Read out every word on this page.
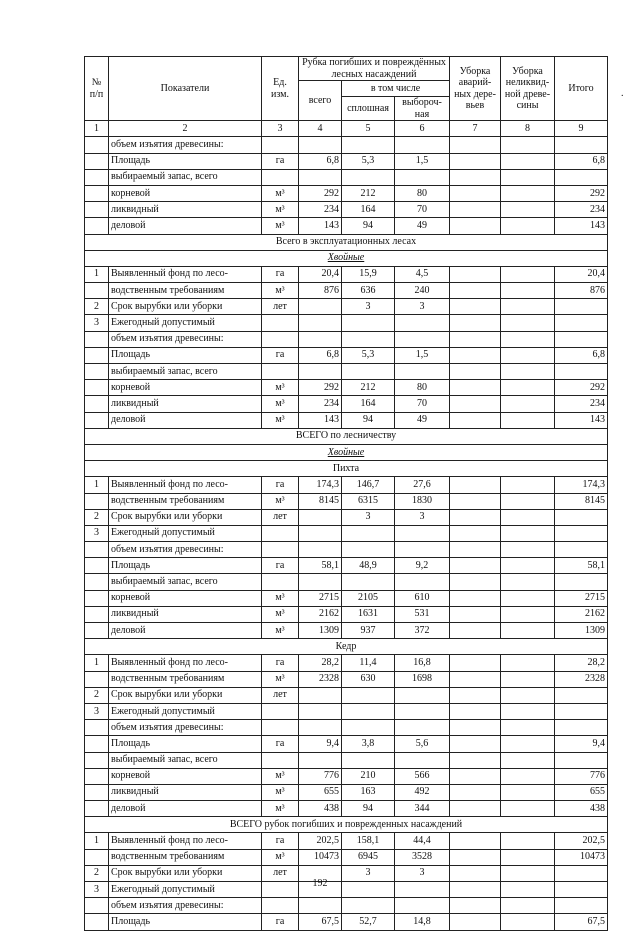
№ п/п	Показатели	Ед. изм.	Рубка погибших и повреждённых лесных насаждений			Уборка аварий-ных дере-вьев	Уборка неликвид-ной древе-сины	Итого
			всего	в том числе				
				сплошная	выбороч-ная			
1	2	3	4	5	6	7	8	9
	объем изъятия древесины:							
	Площадь	га	6,8	5,3	1,5			6,8
	выбираемый запас, всего							
	корневой	м³	292	212	80			292
	ликвидный	м³	234	164	70			234
	деловой	м³	143	94	49			143
Всего в эксплуатационных лесах								
Хвойные								
1	Выявленный фонд по лесо-	га	20,4	15,9	4,5			20,4
	водственным требованиям	м³	876	636	240			876
2	Срок вырубки или уборки	лет		3	3			
3	Ежегодный допустимый							
	объем изъятия древесины:							
	Площадь	га	6,8	5,3	1,5			6,8
	выбираемый запас, всего							
	корневой	м³	292	212	80			292
	ликвидный	м³	234	164	70			234
	деловой	м³	143	94	49			143
ВСЕГО по лесничеству								
Хвойные								
Пихта								
1	Выявленный фонд по лесо-	га	174,3	146,7	27,6			174,3
	водственным требованиям	м³	8145	6315	1830			8145
2	Срок вырубки или уборки	лет		3	3			
3	Ежегодный допустимый							
	объем изъятия древесины:							
	Площадь	га	58,1	48,9	9,2			58,1
	выбираемый запас, всего							
	корневой	м³	2715	2105	610			2715
	ликвидный	м³	2162	1631	531			2162
	деловой	м³	1309	937	372			1309
Кедр								
1	Выявленный фонд по лесо-	га	28,2	11,4	16,8			28,2
	водственным требованиям	м³	2328	630	1698			2328
2	Срок вырубки или уборки	лет						
3	Ежегодный допустимый							
	объем изъятия древесины:							
	Площадь	га	9,4	3,8	5,6			9,4
	выбираемый запас, всего							
	корневой	м³	776	210	566			776
	ликвидный	м³	655	163	492			655
	деловой	м³	438	94	344			438
ВСЕГО рубок погибших и поврежденных насаждений								
1	Выявленный фонд по лесо-	га	202,5	158,1	44,4			202,5
	водственным требованиям	м³	10473	6945	3528			10473
2	Срок вырубки или уборки	лет		3	3			
3	Ежегодный допустимый							
	объем изъятия древесины:							
	Площадь	га	67,5	52,7	14,8			67,5
192
.
